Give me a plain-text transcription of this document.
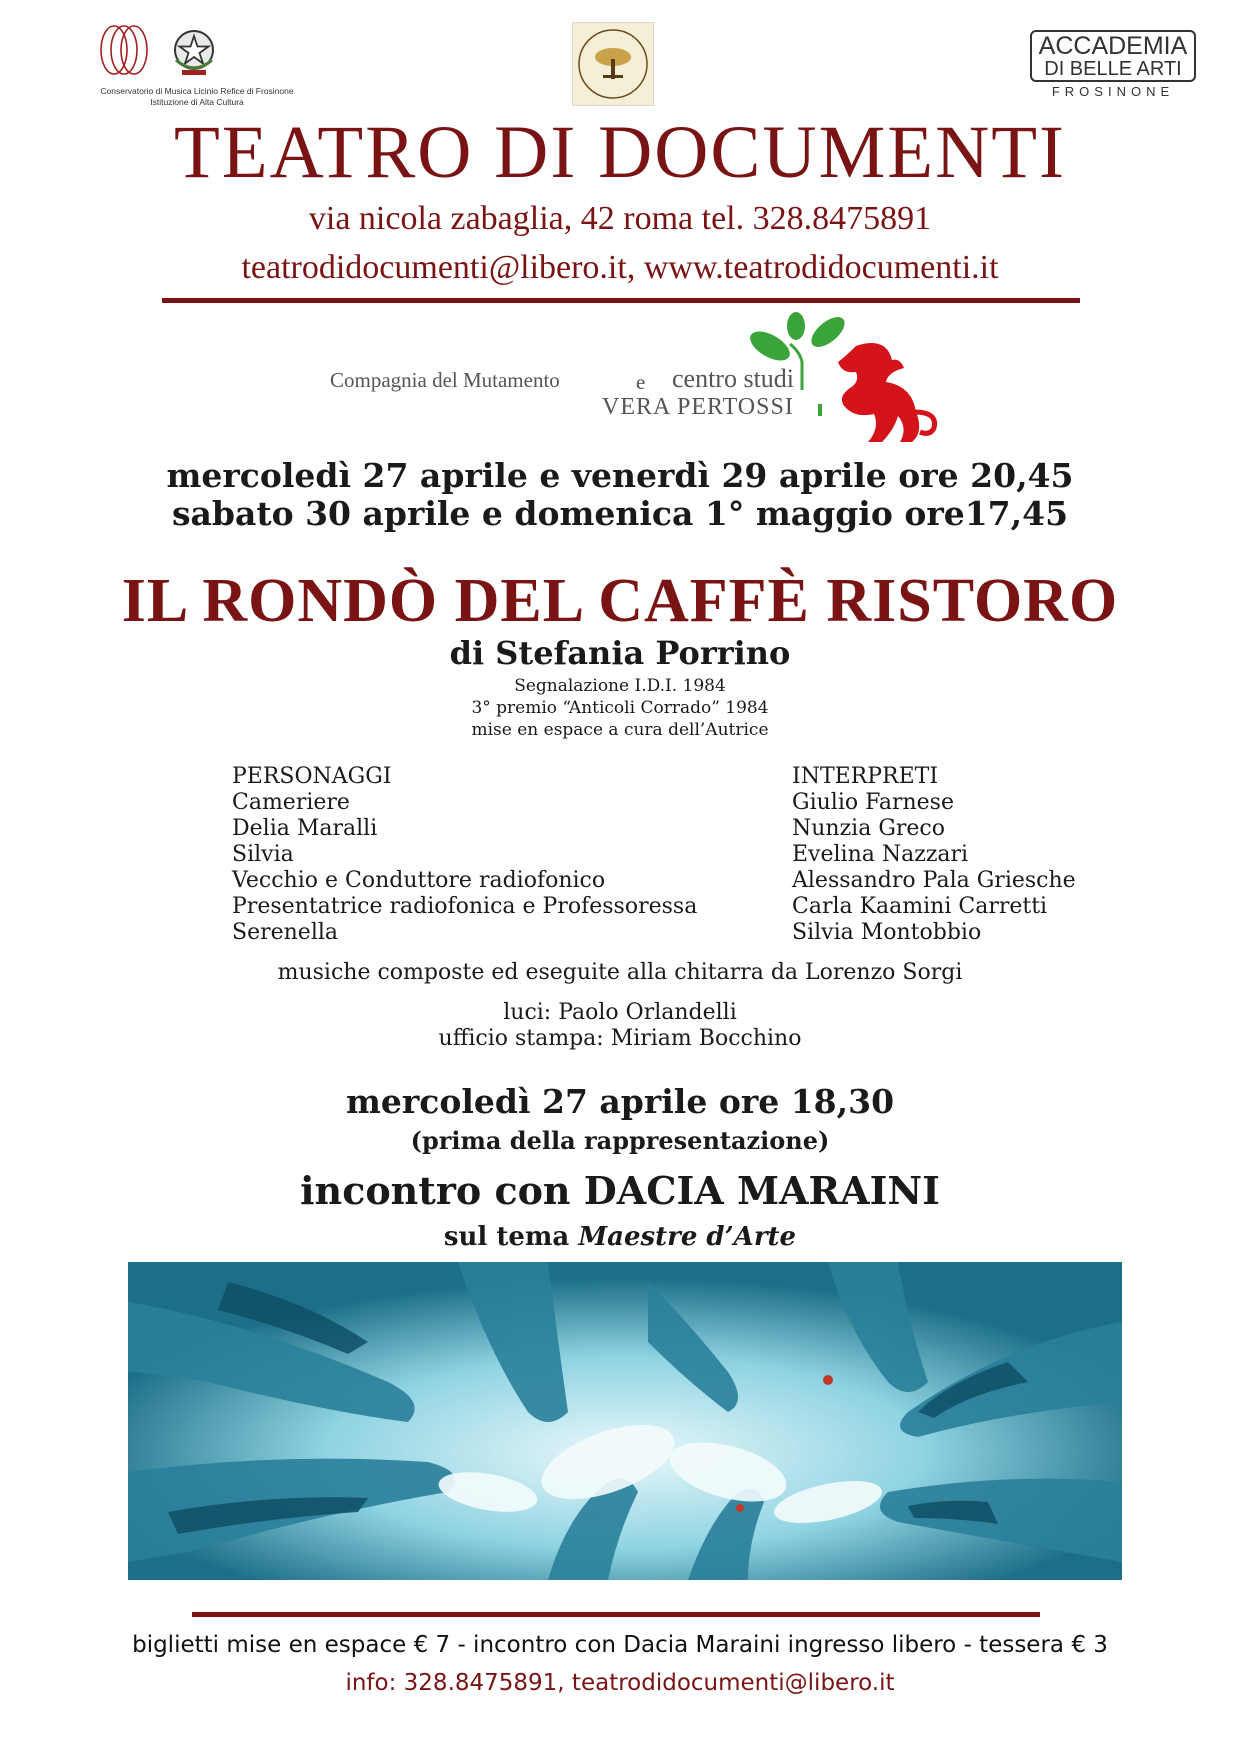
Conservatorio di Musica Licinio Refice di Frosinone
Istituzione di Alta Cultura
ACCADEMIA
DI BELLE ARTI
FROSINONE
TEATRO DI DOCUMENTI
via nicola zabaglia, 42 roma tel. 328.8475891
teatrodidocumenti@libero.it, www.teatrodidocumenti.it
Compagnia del Mutamento	e centro studi
VERA PERTOSSI
mercoledì 27 aprile e venerdì 29 aprile ore 20,45
sabato 30 aprile e domenica 1° maggio ore17,45
IL RONDÒ DEL CAFFÈ RISTORO
di Stefania Porrino
Segnalazione I.D.I. 1984
3° premio “Anticoli Corrado” 1984
mise en espace a cura dell’Autrice
PERSONAGGI
Cameriere
Delia Maralli
Silvia
Vecchio e Conduttore radiofonico
Presentatrice radiofonica e Professoressa
Serenella
INTERPRETI
Giulio Farnese
Nunzia Greco
Evelina Nazzari
Alessandro Pala Griesche
Carla Kaamini Carretti
Silvia Montobbio
musiche composte ed eseguite alla chitarra da Lorenzo Sorgi
luci: Paolo Orlandelli
ufficio stampa: Miriam Bocchino
mercoledì 27 aprile ore 18,30
(prima della rappresentazione)
incontro con DACIA MARAINI
sul tema Maestre d’Arte
biglietti mise en espace € 7 - incontro con Dacia Maraini ingresso libero - tessera € 3
info: 328.8475891, teatrodidocumenti@libero.it
